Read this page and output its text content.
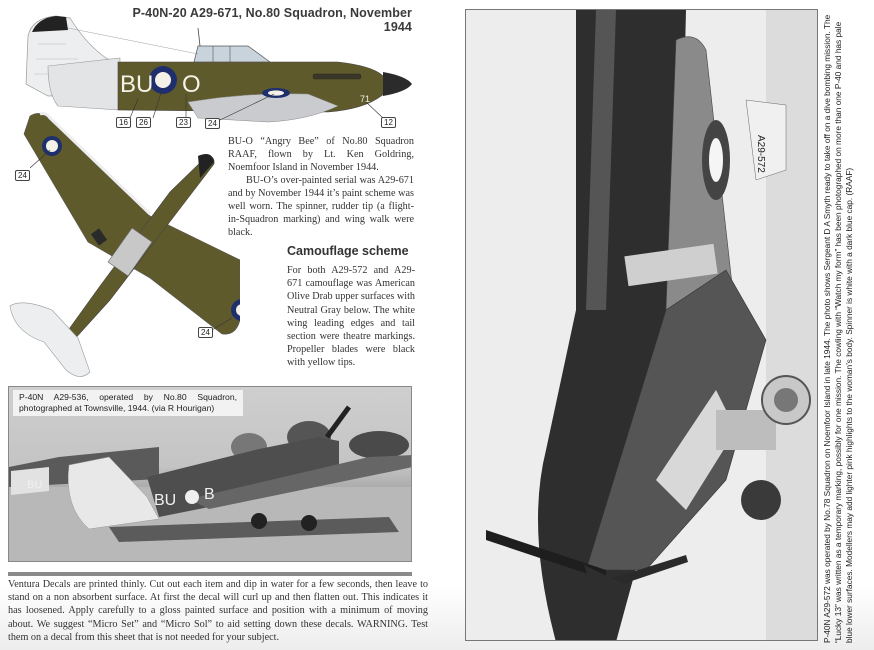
P-40N-20 A29-671, No.80 Squadron, November 1944
BU O
71
16	26	23	24	12
24
24

BU-O “Angry Bee” of No.80 Squadron RAAF, flown by Lt. Ken Goldring, Noemfoor Island in November 1944.

BU-O’s over-painted serial was A29-671 and by November 1944 it’s paint scheme was well worn. The spinner, rudder tip (a flight-in-Squadron marking) and wing walk were black.

Camouflage scheme
For both A29-572 and A29-671 camouflage was American Olive Drab upper surfaces with Neutral Gray below. The white wing leading edges and tail section were theatre markings. Propeller blades were black with yellow tips.
BU
BU B
P-40N A29-536, operated by No.80 Squadron, photographed at Townsville, 1944. (via R Hourigan)
Ventura Decals are printed thinly. Cut out each item and dip in water for a few seconds, then leave to stand on a non absorbent surface. At first the decal will curl up and then flatten out. This indicates it has loosened. Apply carefully to a gloss painted surface and position with a minimum of moving about. We suggest “Micro Set” and “Micro Sol” to aid setting down these decals. WARNING. Test them on a decal from this sheet that is not needed for your subject.
A29-572	P-40N A29-572 was operated by No.78 Squadron on Noemfoor Island in late 1944. The photo shows Sergeant D A Smyth ready to take off on a dive bombing mission. The “Lucky 13” was written as a temporary marking, possibly for one mission. The cowling with “Watch my form” has been photographed on more than one P-40 and has pale blue lower surfaces. Modellers may add lighter pink highlights to the woman’s body. Spinner is white with a dark blue cap. (RAAF)
